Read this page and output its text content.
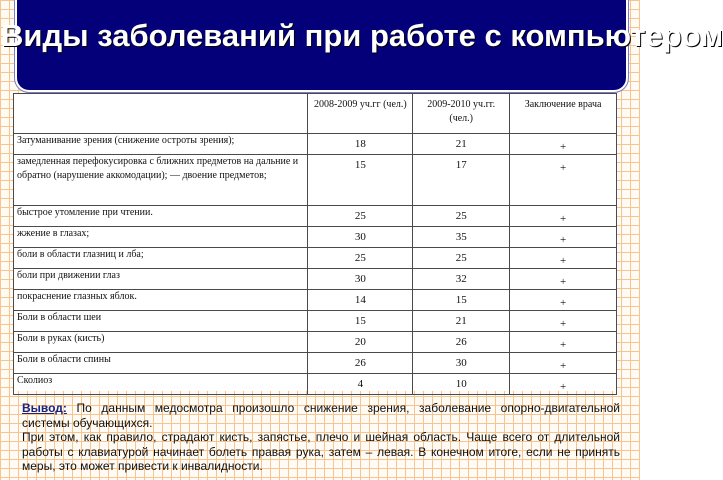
Виды заболеваний при работе с компьютером
	2008-2009 уч.гг (чел.)	2009-2010 уч.гг. (чел.)	Заключение врача
Затуманивание зрения (снижение остроты зрения);	18	21	+

замедленная перефокусировка с ближних предметов на дальние и обратно (нарушение аккомодации); — двоение предметов;	15	17	+

быстрое утомление при чтении.	25	25	+

жжение в глазах;	30	35	+

боли в области глазниц и лба;	25	25	+

боли при движении глаз	30	32	+

покраснение глазных яблок.	14	15	+

Боли в области шеи	15	21	+

Боли в руках (кисть)	20	26	+

Боли в области спины	26	30	+

Сколиоз	4	10	+

Вывод: По данным медосмотра произошло снижение зрения, заболевание опорно-двигательной системы обучающихся.

При этом, как правило, страдают кисть, запястье, плечо и шейная область. Чаще всего от длительной работы с клавиатурой начинает болеть правая рука, затем – левая. В конечном итоге, если не принять меры, это может привести к инвалидности.
